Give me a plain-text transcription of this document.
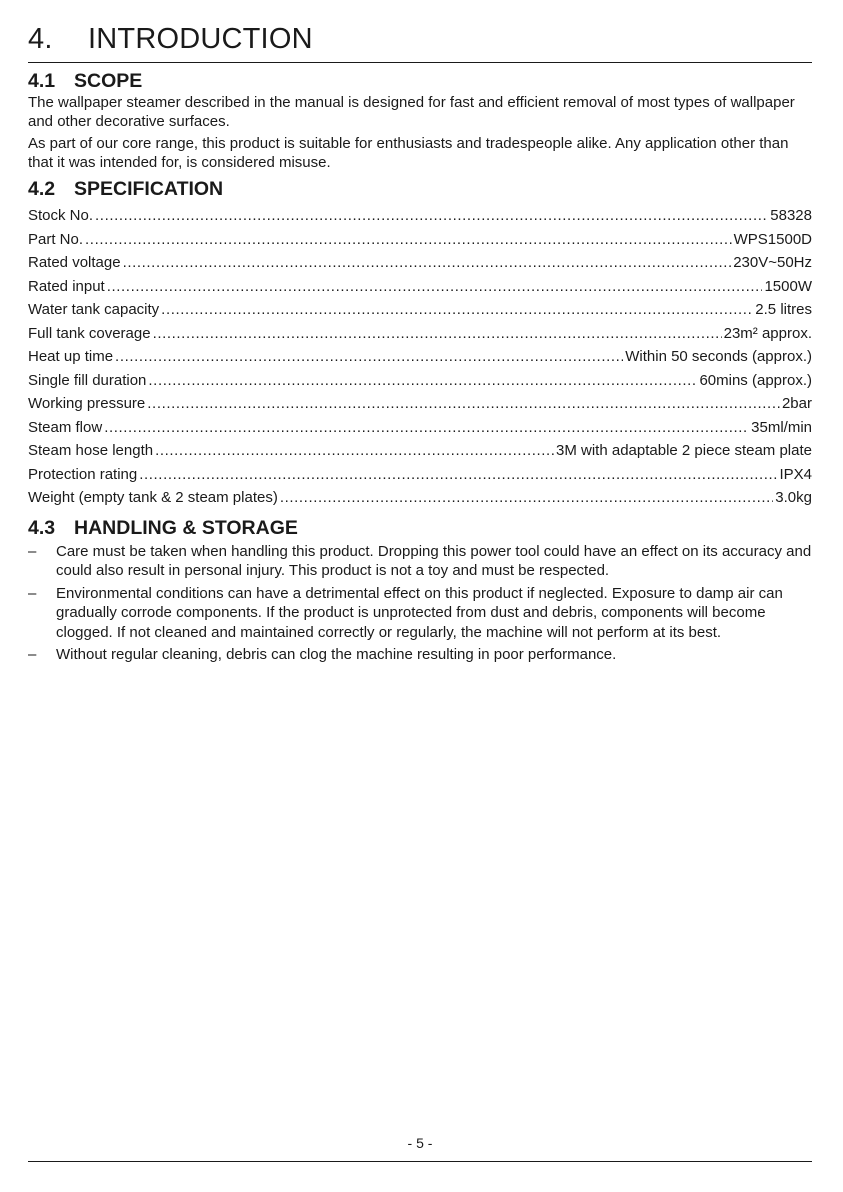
4. INTRODUCTION
4.1 SCOPE

The wallpaper steamer described in the manual is designed for fast and efficient removal of most types of wallpaper and other decorative surfaces.

As part of our core range, this product is suitable for enthusiasts and tradespeople alike. Any application other than that it was intended for, is considered misuse.

4.2 SPECIFICATION
Stock No. .....	58328
Part No. .....	WPS1500D
Rated voltage .....	230V~50Hz
Rated input .....	1500W
Water tank capacity .....	2.5 litres
Full tank coverage .....	23m² approx.
Heat up time .....	Within 50 seconds (approx.)
Single fill duration .....	60mins (approx.)
Working pressure .....	2bar
Steam flow .....	35ml/min
Steam hose length .....	3M with adaptable 2 piece steam plate
Protection rating .....	IPX4
Weight (empty tank & 2 steam plates) .....	3.0kg
4.3 HANDLING & STORAGE
– Care must be taken when handling this product. Dropping this power tool could have an effect on its accuracy and could also result in personal injury. This product is not a toy and must be respected.
– Environmental conditions can have a detrimental effect on this product if neglected. Exposure to damp air can gradually corrode components. If the product is unprotected from dust and debris, components will become clogged. If not cleaned and maintained correctly or regularly, the machine will not perform at its best.
– Without regular cleaning, debris can clog the machine resulting in poor performance.
- 5 -
